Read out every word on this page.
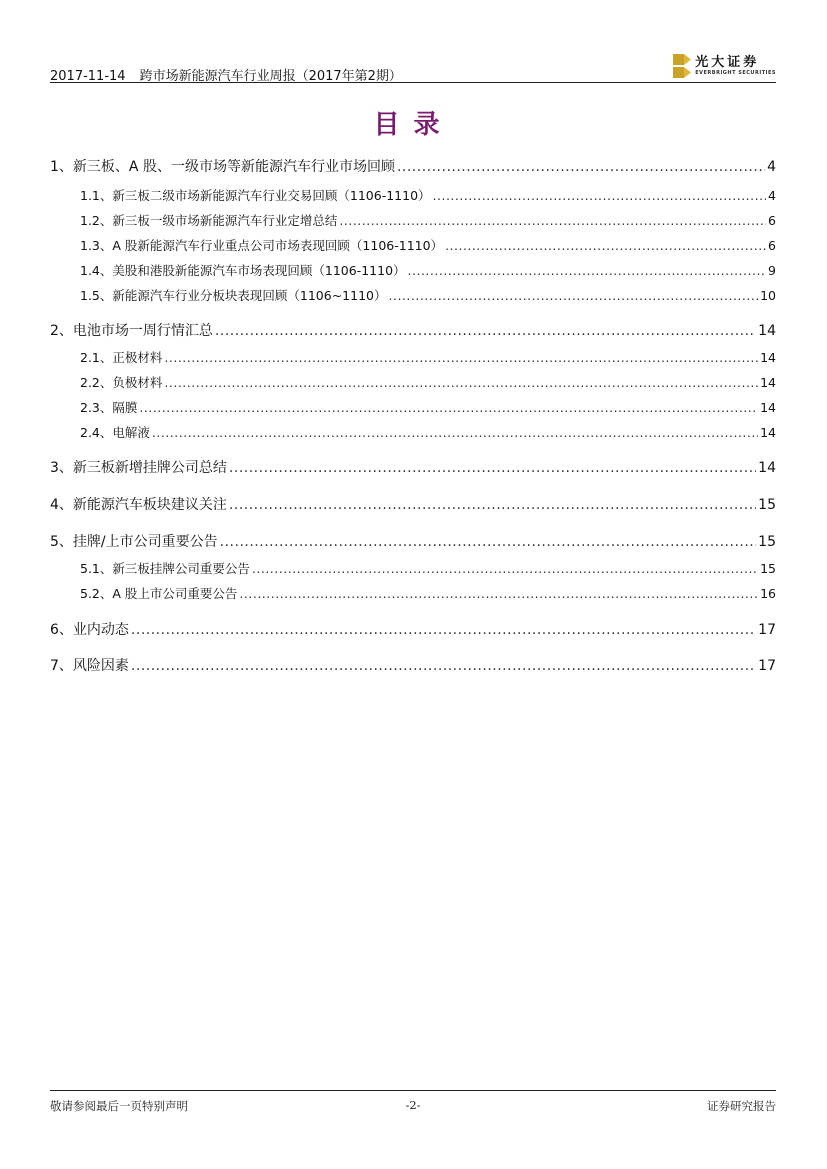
2017-11-14 跨市场新能源汽车行业周报（2017年第2期）
光大证券
EVERBRIGHT SECURITIES
目录
1、 新三板、A 股、一级市场等新能源汽车行业市场回顾 .....	4
1.1、 新三板二级市场新能源汽车行业交易回顾（1106-1110） .....	4
1.2、 新三板一级市场新能源汽车行业定增总结 .....	6
1.3、 A 股新能源汽车行业重点公司市场表现回顾（1106-1110） .....	6
1.4、 美股和港股新能源汽车市场表现回顾（1106-1110） .....	9
1.5、 新能源汽车行业分板块表现回顾（1106~1110） .....	10
2、 电池市场一周行情汇总 .....	14
2.1、 正极材料 .....	14
2.2、 负极材料 .....	14
2.3、 隔膜 .....	14
2.4、 电解液 .....	14
3、 新三板新增挂牌公司总结 .....	14
4、 新能源汽车板块建议关注 .....	15
5、 挂牌/上市公司重要公告 .....	15
5.1、 新三板挂牌公司重要公告 .....	15
5.2、 A 股上市公司重要公告 .....	16
6、 业内动态 .....	17
7、 风险因素 .....	17
敬请参阅最后一页特别声明	-2-	证券研究报告
